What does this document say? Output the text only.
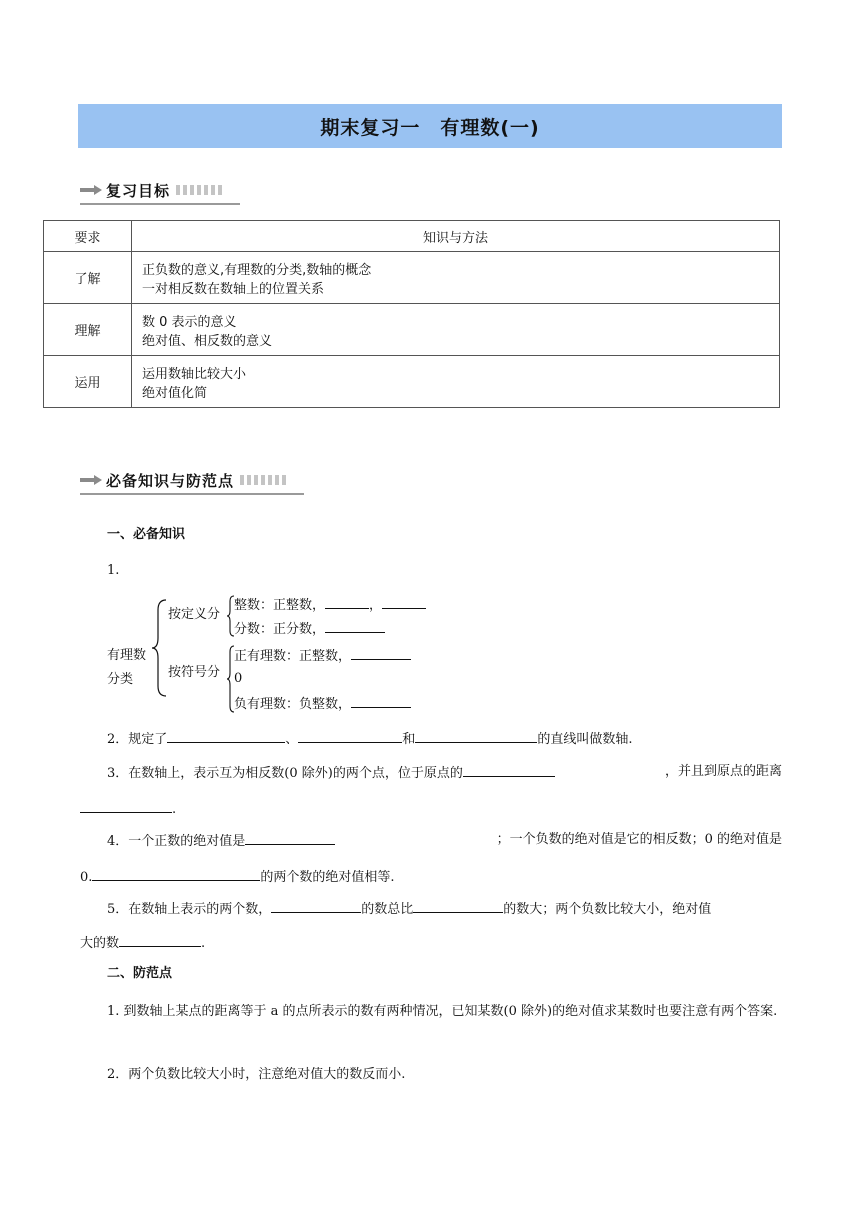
期末复习一　有理数(一)
复习目标
要求	知识与方法
了解	正负数的意义,有理数的分类,数轴的概念
一对相反数在数轴上的位置关系

理解	数 0 表示的意义
绝对值、相反数的意义

运用	运用数轴比较大小
绝对值化简
必备知识与防范点
一、必备知识
1.
有理数
分类
按定义分
整数：正整数，	，
分数：正分数，
按符号分
正有理数：正整数，
0
负有理数：负整数，
2．规定了	、	和	的直线叫做数轴.
3．在数轴上，表示互为相反数(0 除外)的两个点，位于原点的	，并且到原点的距离
.
4．一个正数的绝对值是	；一个负数的绝对值是它的相反数；0 的绝对值是
0.	的两个数的绝对值相等.
5．在数轴上表示的两个数，	的数总比	的数大；两个负数比较大小，绝对值
大的数	.
二、防范点
1. 到数轴上某点的距离等于 a 的点所表示的数有两种情况，已知某数(0 除外)的绝对值求某数时也要注意有两个答案.
2．两个负数比较大小时，注意绝对值大的数反而小.
